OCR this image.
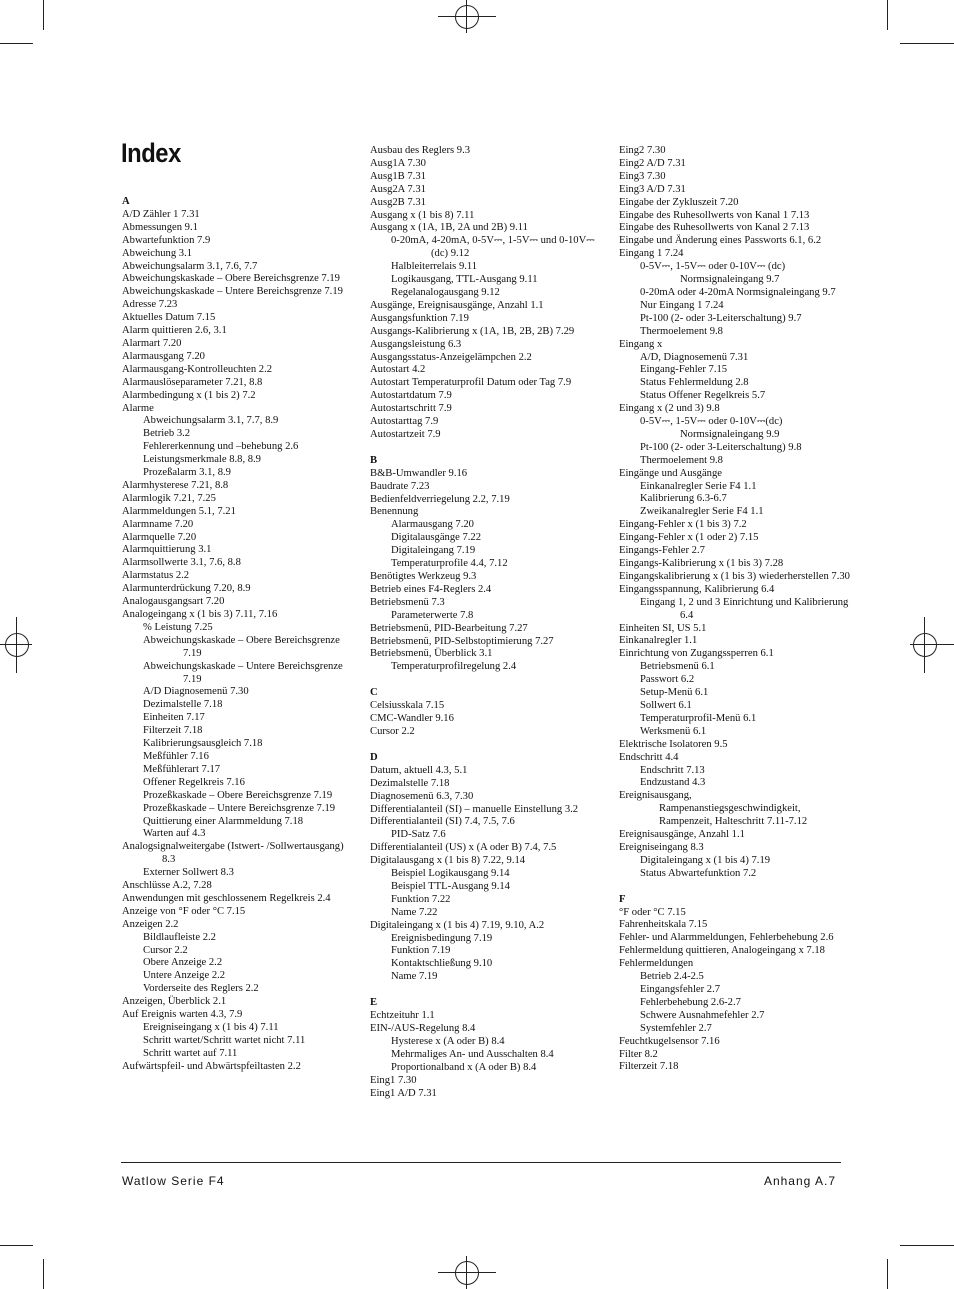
Index
A
A/D Zähler 1 7.31
Abmessungen 9.1
Abwartefunktion 7.9
Abweichung 3.1
Abweichungsalarm 3.1, 7.6, 7.7
Abweichungskaskade – Obere Bereichsgrenze 7.19
Abweichungskaskade – Untere Bereichsgrenze 7.19
Adresse 7.23
Aktuelles Datum 7.15
Alarm quittieren 2.6, 3.1
Alarmart 7.20
Alarmausgang 7.20
Alarmausgang-Kontrolleuchten 2.2
Alarmauslöseparameter 7.21, 8.8
Alarmbedingung x (1 bis 2) 7.2
Alarme
Abweichungsalarm 3.1, 7.7, 8.9
Betrieb 3.2
Fehlererkennung und –behebung 2.6
Leistungsmerkmale 8.8, 8.9
Prozeßalarm 3.1, 8.9
Alarmhysterese 7.21, 8.8
Alarmlogik 7.21, 7.25
Alarmmeldungen 5.1, 7.21
Alarmname 7.20
Alarmquelle 7.20
Alarmquittierung 3.1
Alarmsollwerte 3.1, 7.6, 8.8
Alarmstatus 2.2
Alarmunterdrückung 7.20, 8.9
Analogausgangsart 7.20
Analogeingang x (1 bis 3) 7.11, 7.16
% Leistung 7.25
Abweichungskaskade – Obere Bereichsgrenze 7.19
Abweichungskaskade – Untere Bereichsgrenze 7.19
A/D Diagnosemenü 7.30
Dezimalstelle 7.18
Einheiten 7.17
Filterzeit 7.18
Kalibrierungsausgleich 7.18
Meßfühler 7.16
Meßfühlerart 7.17
Offener Regelkreis 7.16
Prozeßkaskade – Obere Bereichsgrenze 7.19
Prozeßkaskade – Untere Bereichsgrenze 7.19
Quittierung einer Alarmmeldung 7.18
Warten auf 4.3
Analogsignalweitergabe (Istwert- /Sollwertausgang) 8.3
Externer Sollwert 8.3
Anschlüsse A.2, 7.28
Anwendungen mit geschlossenem Regelkreis 2.4
Anzeige von °F oder °C 7.15
Anzeigen 2.2
Bildlaufleiste 2.2
Cursor 2.2
Obere Anzeige 2.2
Untere Anzeige 2.2
Vorderseite des Reglers 2.2
Anzeigen, Überblick 2.1
Auf Ereignis warten 4.3, 7.9
Ereigniseingang x (1 bis 4) 7.11
Schritt wartet/Schritt wartet nicht 7.11
Schritt wartet auf 7.11
Aufwärtspfeil- und Abwärtspfeiltasten 2.2
Ausbau des Reglers 9.3
Ausg1A 7.30
Ausg1B 7.31
Ausg2A 7.31
Ausg2B 7.31
Ausgang x (1 bis 8) 7.11
Ausgang x (1A, 1B, 2A und 2B) 9.11
0-20mA, 4-20mA, 0-5V⎓, 1-5V⎓ und 0-10V⎓ (dc) 9.12
Halbleiterrelais 9.11
Logikausgang, TTL-Ausgang 9.11
Regelanalogausgang 9.12
Ausgänge, Ereignisausgänge, Anzahl 1.1
Ausgangsfunktion 7.19
Ausgangs-Kalibrierung x (1A, 1B, 2B, 2B) 7.29
Ausgangsleistung 6.3
Ausgangsstatus-Anzeigelämpchen 2.2
Autostart 4.2
Autostart Temperaturprofil Datum oder Tag 7.9
Autostartdatum 7.9
Autostartschritt 7.9
Autostarttag 7.9
Autostartzeit 7.9
B
B&B-Umwandler 9.16
Baudrate 7.23
Bedienfeldverriegelung 2.2, 7.19
Benennung
Alarmausgang 7.20
Digitalausgänge 7.22
Digitaleingang 7.19
Temperaturprofile 4.4, 7.12
Benötigtes Werkzeug 9.3
Betrieb eines F4-Reglers 2.4
Betriebsmenü 7.3
Parameterwerte 7.8
Betriebsmenü, PID-Bearbeitung 7.27
Betriebsmenü, PID-Selbstoptimierung 7.27
Betriebsmenü, Überblick 3.1
Temperaturprofilregelung 2.4
C
Celsiusskala 7.15
CMC-Wandler 9.16
Cursor 2.2
D
Datum, aktuell 4.3, 5.1
Dezimalstelle 7.18
Diagnosemenü 6.3, 7.30
Differentialanteil (SI) – manuelle Einstellung 3.2
Differentialanteil (SI) 7.4, 7.5, 7.6
PID-Satz 7.6
Differentialanteil (US) x (A oder B) 7.4, 7.5
Digitalausgang x (1 bis 8) 7.22, 9.14
Beispiel Logikausgang 9.14
Beispiel TTL-Ausgang 9.14
Funktion 7.22
Name 7.22
Digitaleingang x (1 bis 4) 7.19, 9.10, A.2
Ereignisbedingung 7.19
Funktion 7.19
Kontaktschließung 9.10
Name 7.19
E
Echtzeituhr 1.1
EIN-/AUS-Regelung 8.4
Hysterese x (A oder B) 8.4
Mehrmaliges An- und Ausschalten 8.4
Proportionalband x (A oder B) 8.4
Eing1 7.30
Eing1 A/D 7.31
Eing2 7.30
Eing2 A/D 7.31
Eing3 7.30
Eing3 A/D 7.31
Eingabe der Zykluszeit 7.20
Eingabe des Ruhesollwerts von Kanal 1 7.13
Eingabe des Ruhesollwerts von Kanal 2 7.13
Eingabe und Änderung eines Passworts 6.1, 6.2
Eingang 1 7.24
0-5V⎓, 1-5V⎓ oder 0-10V⎓ (dc) Normsignaleingang 9.7
0-20mA oder 4-20mA Normsignaleingang 9.7
Nur Eingang 1 7.24
Pt-100 (2- oder 3-Leiterschaltung) 9.7
Thermoelement 9.8
Eingang x
A/D, Diagnosemenü 7.31
Eingang-Fehler 7.15
Status Fehlermeldung 2.8
Status Offener Regelkreis 5.7
Eingang x (2 und 3) 9.8
0-5V⎓, 1-5V⎓ oder 0-10V⎓(dc) Normsignaleingang 9.9
Pt-100 (2- oder 3-Leiterschaltung) 9.8
Thermoelement 9.8
Eingänge und Ausgänge
Einkanalregler Serie F4 1.1
Kalibrierung 6.3-6.7
Zweikanalregler Serie F4 1.1
Eingang-Fehler x (1 bis 3) 7.2
Eingang-Fehler x (1 oder 2) 7.15
Eingangs-Fehler 2.7
Eingangs-Kalibrierung x (1 bis 3) 7.28
Eingangskalibrierung x (1 bis 3) wiederherstellen 7.30
Eingangsspannung, Kalibrierung 6.4
Eingang 1, 2 und 3 Einrichtung und Kalibrierung 6.4
Einheiten SI, US 5.1
Einkanalregler 1.1
Einrichtung von Zugangssperren 6.1
Betriebsmenü 6.1
Passwort 6.2
Setup-Menü 6.1
Sollwert 6.1
Temperaturprofil-Menü 6.1
Werksmenü 6.1
Elektrische Isolatoren 9.5
Endschritt 4.4
Endschritt 7.13
Endzustand 4.3
Ereignisausgang,
Rampenanstiegsgeschwindigkeit, Rampenzeit, Halteschritt 7.11-7.12
Ereignisausgänge, Anzahl 1.1
Ereigniseingang 8.3
Digitaleingang x (1 bis 4) 7.19
Status Abwartefunktion 7.2
F
°F oder °C 7.15
Fahrenheitskala 7.15
Fehler- und Alarmmeldungen, Fehlerbehebung 2.6
Fehlermeldung quittieren, Analogeingang x 7.18
Fehlermeldungen
Betrieb 2.4-2.5
Eingangsfehler 2.7
Fehlerbehebung 2.6-2.7
Schwere Ausnahmefehler 2.7
Systemfehler 2.7
Feuchtkugelsensor 7.16
Filter 8.2
Filterzeit 7.18
Watlow Serie F4	Anhang A.7
